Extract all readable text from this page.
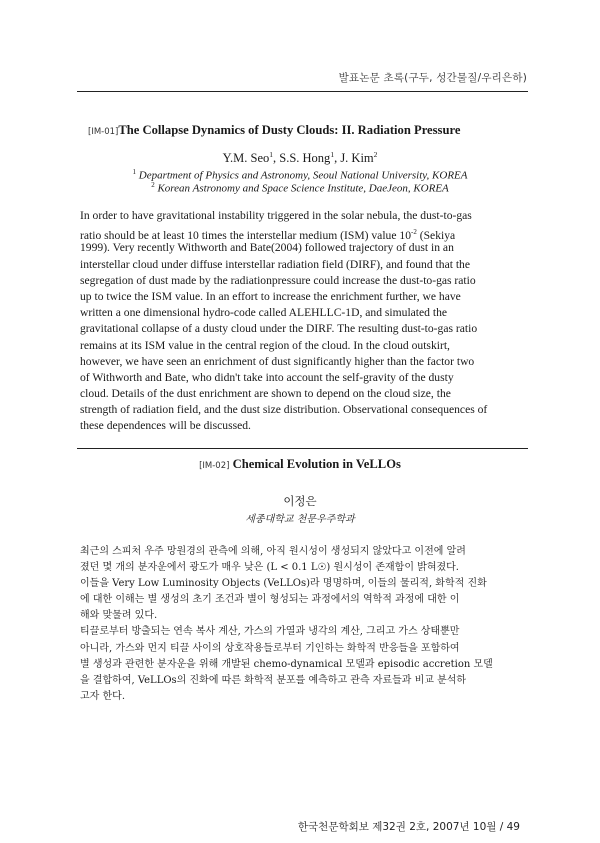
발표논문 초록(구두, 성간물질/우리은하)
[IM-01]The Collapse Dynamics of Dusty Clouds: II. Radiation Pressure
Y.M. Seo$^1$, S.S. Hong$^1$, J. Kim$^2$
$^1$ Department of Physics and Astronomy, Seoul National University, KOREA
$^2$ Korean Astronomy and Space Science Institute, DaeJeon, KOREA
In order to have gravitational instability triggered in the solar nebula, the dust-to-gas
ratio should be at least 10 times the interstellar medium (ISM) value $10^{-2}$ (Sekiya
1999). Very recently Withworth and Bate(2004) followed trajectory of dust in an
interstellar cloud under diffuse interstellar radiation field (DIRF), and found that the
segregation of dust made by the radiationpressure could increase the dust-to-gas ratio
up to twice the ISM value. In an effort to increase the enrichment further, we have
written a one dimensional hydro-code called ALEHLLC-1D, and simulated the
gravitational collapse of a dusty cloud under the DIRF. The resulting dust-to-gas ratio
remains at its ISM value in the central region of the cloud. In the cloud outskirt,
however, we have seen an enrichment of dust significantly higher than the factor two
of Withworth and Bate, who didn't take into account the self-gravity of the dusty
cloud. Details of the dust enrichment are shown to depend on the cloud size, the
strength of radiation field, and the dust size distribution. Observational consequences of
these dependences will be discussed.
[IM-02] Chemical Evolution in VeLLOs
이정은
세종대학교 천문우주학과
최근의 스피처 우주 망원경의 관측에 의해, 아직 원시성이 생성되지 않았다고 이전에 알려
졌던 몇 개의 분자운에서 광도가 매우 낮은 (L < 0.1 L☉) 원시성이 존재함이 밝혀졌다.
이들을 Very Low Luminosity Objects (VeLLOs)라 명명하며, 이들의 물리적, 화학적 진화
에 대한 이해는 별 생성의 초기 조건과 별이 형성되는 과정에서의 역학적 과정에 대한 이
해와 맞물려 있다.
티끌로부터 방출되는 연속 복사 계산, 가스의 가열과 냉각의 계산, 그리고 가스 상태뿐만
아니라, 가스와 먼지 티끌 사이의 상호작용들로부터 기인하는 화학적 반응들을 포함하여
별 생성과 관련한 분자운을 위해 개발된 chemo-dynamical 모델과 episodic accretion 모델
을 결합하여, VeLLOs의 진화에 따른 화학적 분포를 예측하고 관측 자료들과 비교 분석하
고자 한다.
한국천문학회보 제32권 2호, 2007년 10월 / 49
